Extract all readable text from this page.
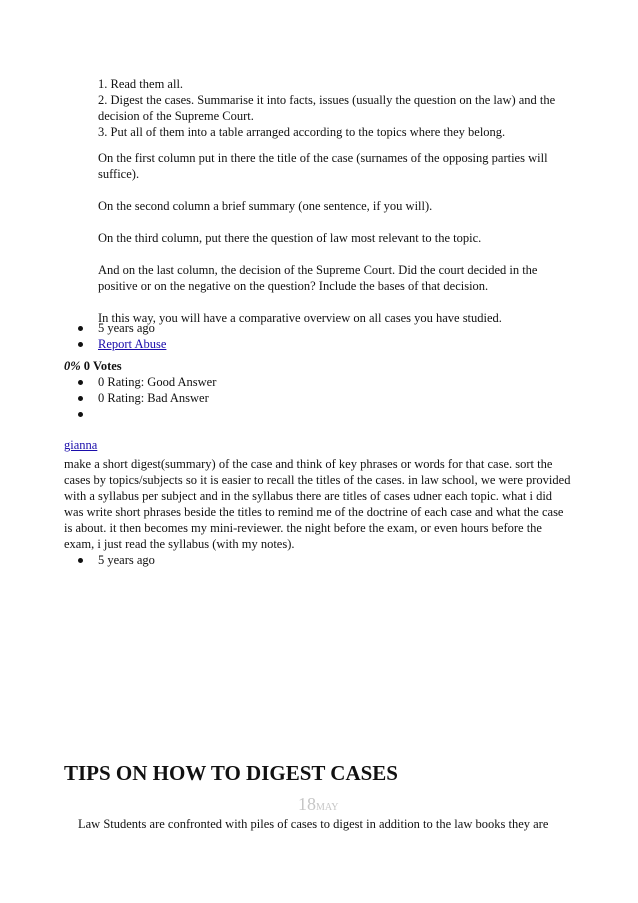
1. Read them all.

2. Digest the cases. Summarise it into facts, issues (usually the question on the law) and the decision of the Supreme Court.

3. Put all of them into a table arranged according to the topics where they belong.

On the first column put in there the title of the case (surnames of the opposing parties will suffice).

On the second column a brief summary (one sentence, if you will).

On the third column, put there the question of law most relevant to the topic.

And on the last column, the decision of the Supreme Court. Did the court decided in the positive or on the negative on the question? Include the bases of that decision.

In this way, you will have a comparative overview on all cases you have studied.

5 years ago
Report Abuse
0% 0 Votes
0 Rating: Good Answer
0 Rating: Bad Answer
gianna

make a short digest(summary) of the case and think of key phrases or words for that case. sort the cases by topics/subjects so it is easier to recall the titles of the cases. in law school, we were provided with a syllabus per subject and in the syllabus there are titles of cases udner each topic. what i did was write short phrases beside the titles to remind me of the doctrine of each case and what the case is about. it then becomes my mini-reviewer. the night before the exam, or even hours before the exam, i just read the syllabus (with my notes).

5 years ago
TIPS ON HOW TO DIGEST CASES
18MAY

Law Students are confronted with piles of cases to digest in addition to the law books they are
